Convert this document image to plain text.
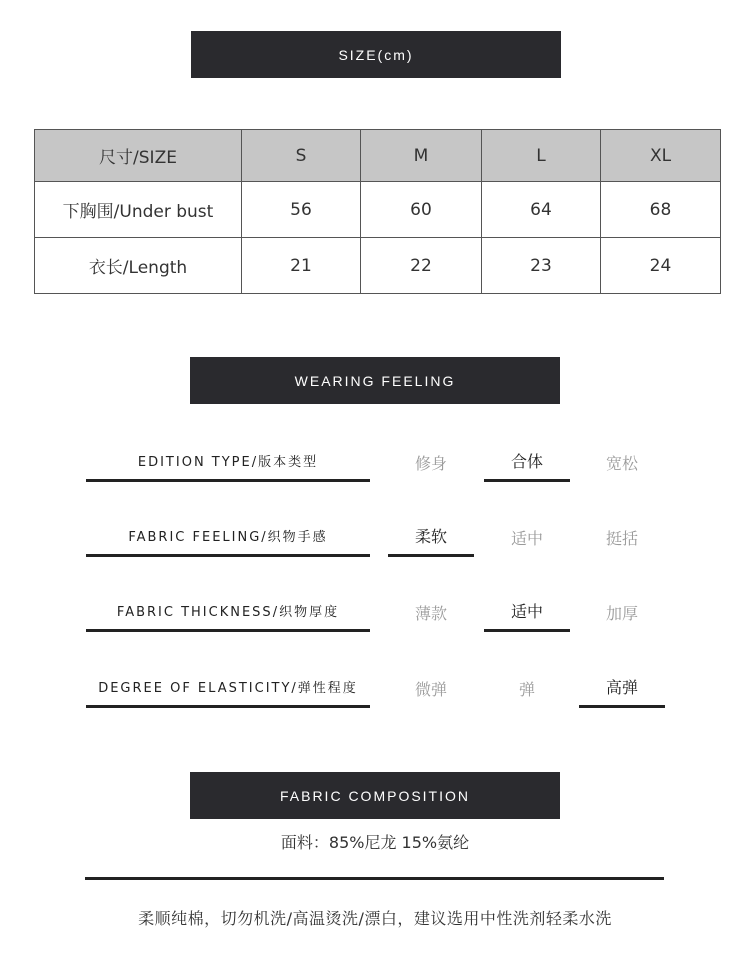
SIZE(cm)
尺寸/SIZE	S	M	L	XL
下胸围/Under bust	56	60	64	68
衣长/Length	21	22	23	24
WEARING FEELING
EDITION TYPE/版本类型	修身	合体	宽松
FABRIC FEELING/织物手感	柔软	适中	挺括
FABRIC THICKNESS/织物厚度	薄款	适中	加厚
DEGREE OF ELASTICITY/弹性程度	微弹	弹	高弹
FABRIC COMPOSITION
面料：85%尼龙 15%氨纶
柔顺纯棉，切勿机洗/高温烫洗/漂白，建议选用中性洗剂轻柔水洗
